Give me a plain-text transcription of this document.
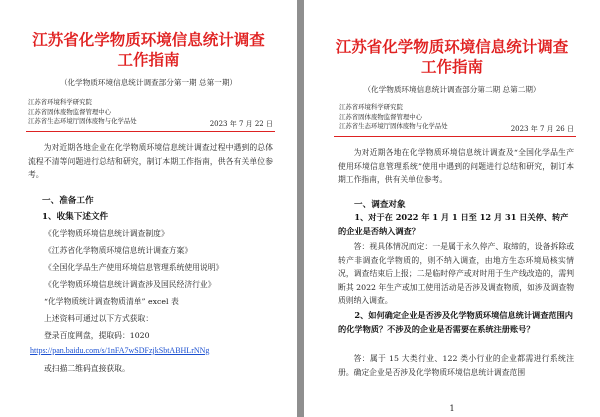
江苏省化学物质环境信息统计调查
工作指南
（化学物质环境信息统计调查部分第一期 总第一期）
江苏省环境科学研究院
江苏省固体废物监督管理中心
江苏省生态环境厅固体废物与化学品处	2023 年 7 月 22 日
为对近期各地企业在化学物质环境信息统计调查过程中遇到的总体流程不清等问题进行总结和研究，制订本期工作指南，供各有关单位参考。
一、准备工作
1、收集下述文件
《化学物质环境信息统计调查制度》
《江苏省化学物质环境信息统计调查方案》
《全国化学品生产使用环境信息管理系统使用说明》
《化学物质环境信息统计调查涉及国民经济行业》
“化学物质统计调查物质清单” excel 表
上述资料可通过以下方式获取：
登录百度网盘，提取码：1020
https://pan.baidu.com/s/1nFA7wSDFzjkSbtABHLrNNg
或扫描二维码直接获取。
江苏省化学物质环境信息统计调查
工作指南
（化学物质环境信息统计调查部分第二期 总第二期）
江苏省环境科学研究院
江苏省固体废物监督管理中心
江苏省生态环境厅固体废物与化学品处	2023 年 7 月 26 日
为对近期各地在化学物质环境信息统计调查及“全国化学品生产使用环境信息管理系统”使用中遇到的问题进行总结和研究，制订本期工作指南，供有关单位参考。
一、调查对象
1、对于在 2022 年 1 月 1 日至 12 月 31 日关停、转产的企业是否纳入调查？
答：视具体情况而定：一是属于永久停产、取缔的，设备拆除或转产非调查化学物质的，则不纳入调查，由地方生态环境局核实情况，调查结束后上报；二是临时停产或对时用于生产线改造的，需判断其 2022 年生产或加工使用活动是否涉及调查物质，如涉及调查物质则纳入调查。
2、如何确定企业是否涉及化学物质环境信息统计调查范围内的化学物质？不涉及的企业是否需要在系统注册账号？
答：属于 15 大类行业、122 类小行业的企业都需进行系统注册。确定企业是否涉及化学物质环境信息统计调查范围
1
